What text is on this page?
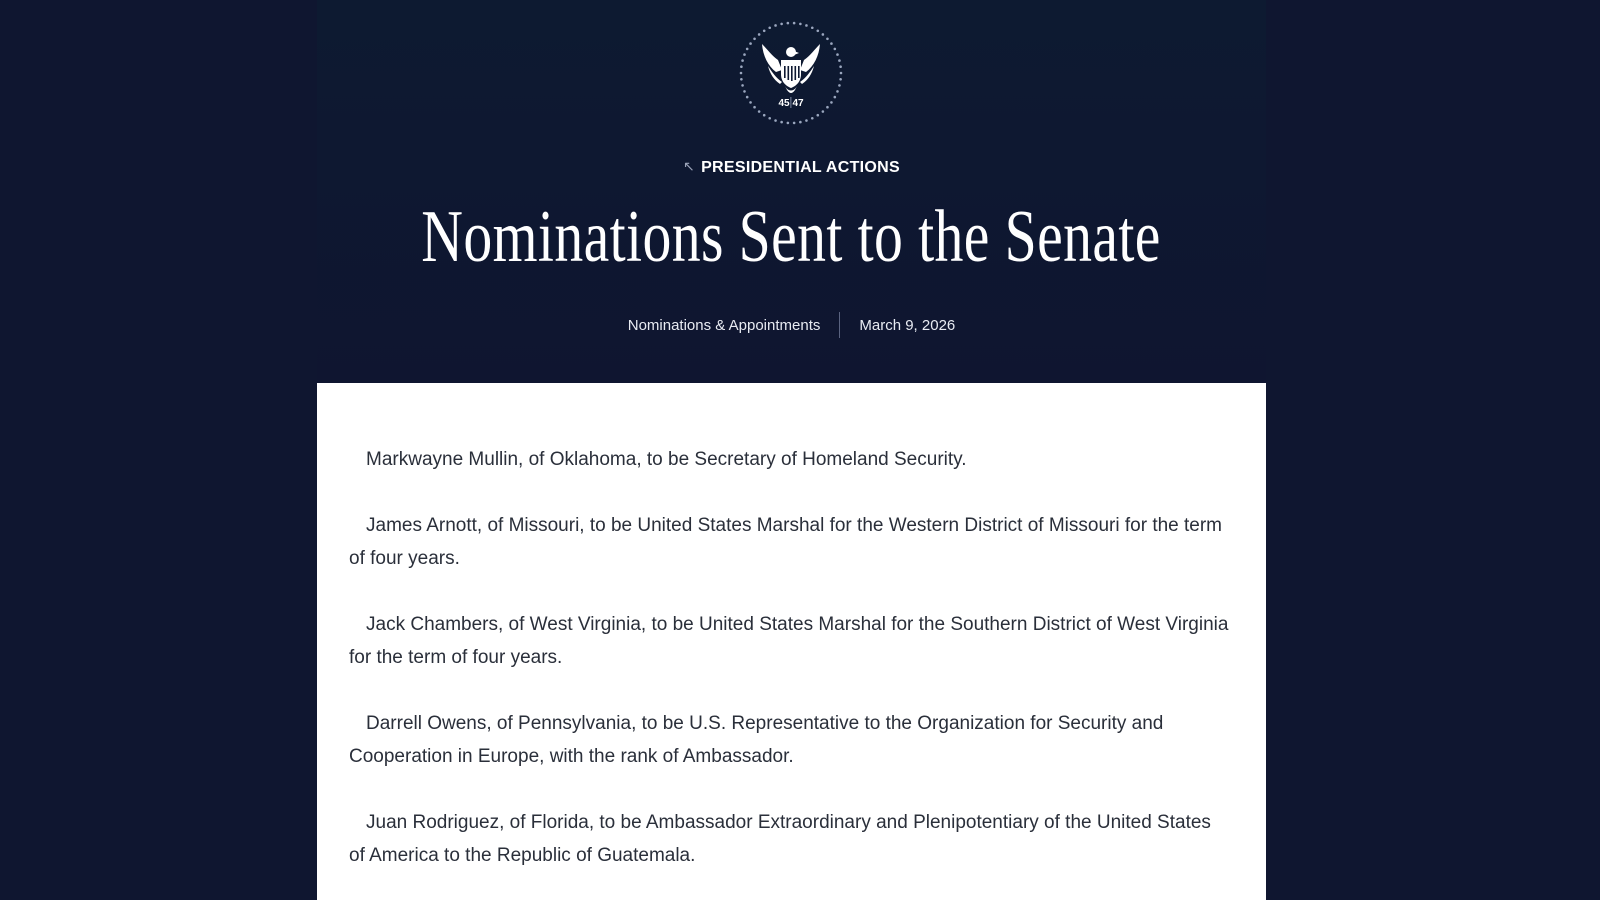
45 47
↖ PRESIDENTIAL ACTIONS
Nominations Sent to the Senate
Nominations & Appointments	March 9, 2026

Markwayne Mullin, of Oklahoma, to be Secretary of Homeland Security.

James Arnott, of Missouri, to be United States Marshal for the Western District of Missouri for the term of four years.

Jack Chambers, of West Virginia, to be United States Marshal for the Southern District of West Virginia for the term of four years.

Darrell Owens, of Pennsylvania, to be U.S. Representative to the Organization for Security and Cooperation in Europe, with the rank of Ambassador.

Juan Rodriguez, of Florida, to be Ambassador Extraordinary and Plenipotentiary of the United States of America to the Republic of Guatemala.
